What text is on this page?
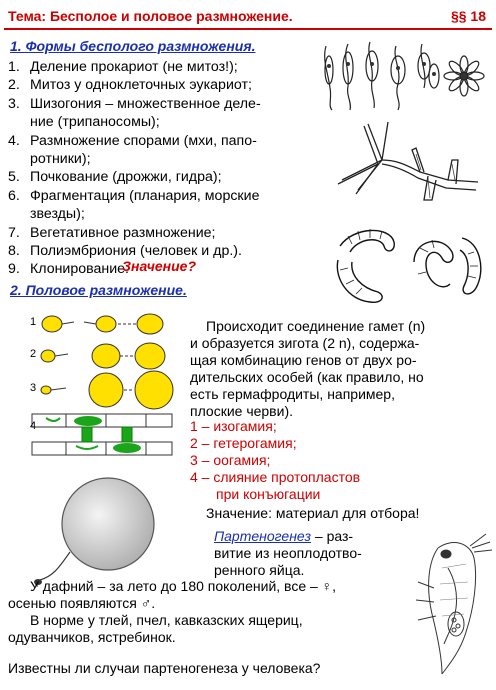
Тема: Бесполое и половое размножение.	§§ 18
1. Формы бесполого размножения.
1. Деление прокариот (не митоз!);
2. Митоз у одноклеточных эукариот;
3. Шизогония – множественное деле-
ние (трипаносомы);
4. Размножение спорами (мхи, папо-
ротники);
5. Почкование (дрожжи, гидра);
6. Фрагментация (планария, морские
звезды);
7. Вегетативное размножение;
8. Полиэмбриония (человек и др.).
9. Клонирование.
Значение?
2. Половое размножение.
1
2
3
4
Происходит соединение гамет (n)
и образуется зигота (2 n), содержа-
щая комбинацию генов от двух ро-
дительских особей (как правило, но
есть гермафродиты, например,
плоские черви).
1 – изогамия;
2 – гетерогамия;
3 – оогамия;
4 – слияние протопластов
при конъюгации
Значение: материал для отбора!
Партеногенез – раз-
витие из неоплодотво-
ренного яйца.
У дафний – за лето до 180 поколений, все – ♀,
осенью появляются ♂.
В норме у тлей, пчел, кавказских ящериц,
одуванчиков, ястребинок.
Известны ли случаи партеногенеза у человека?
